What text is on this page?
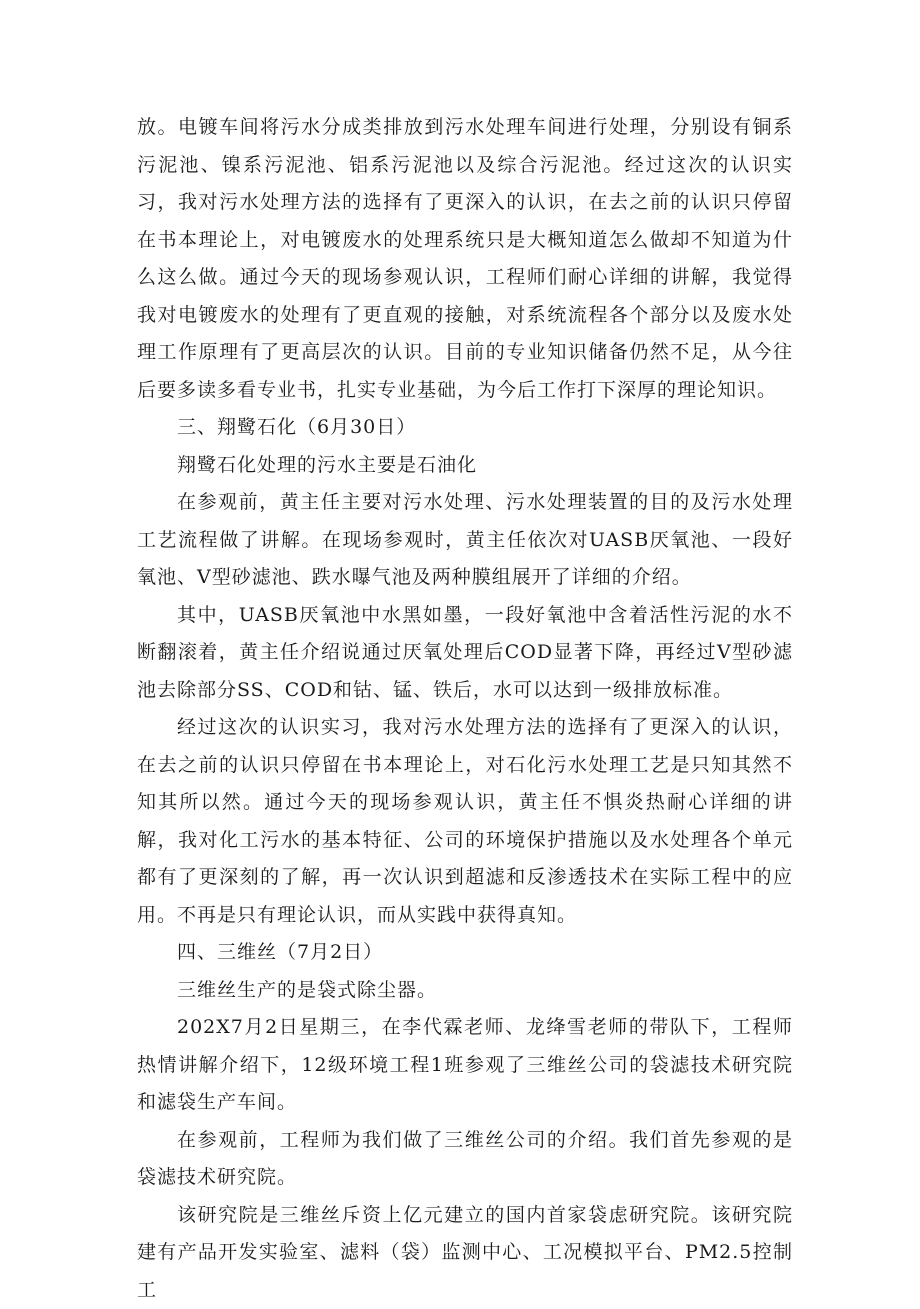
放。电镀车间将污水分成类排放到污水处理车间进行处理，分别设有铜系污泥池、镍系污泥池、铝系污泥池以及综合污泥池。经过这次的认识实习，我对污水处理方法的选择有了更深入的认识，在去之前的认识只停留在书本理论上，对电镀废水的处理系统只是大概知道怎么做却不知道为什么这么做。通过今天的现场参观认识，工程师们耐心详细的讲解，我觉得我对电镀废水的处理有了更直观的接触，对系统流程各个部分以及废水处理工作原理有了更高层次的认识。目前的专业知识储备仍然不足，从今往后要多读多看专业书，扎实专业基础，为今后工作打下深厚的理论知识。

三、翔鹭石化（6月30日）

翔鹭石化处理的污水主要是石油化

在参观前，黄主任主要对污水处理、污水处理装置的目的及污水处理工艺流程做了讲解。在现场参观时，黄主任依次对UASB厌氧池、一段好氧池、V型砂滤池、跌水曝气池及两种膜组展开了详细的介绍。

其中，UASB厌氧池中水黑如墨，一段好氧池中含着活性污泥的水不断翻滚着，黄主任介绍说通过厌氧处理后COD显著下降，再经过V型砂滤池去除部分SS、COD和钴、锰、铁后，水可以达到一级排放标准。

经过这次的认识实习，我对污水处理方法的选择有了更深入的认识，在去之前的认识只停留在书本理论上，对石化污水处理工艺是只知其然不知其所以然。通过今天的现场参观认识，黄主任不惧炎热耐心详细的讲解，我对化工污水的基本特征、公司的环境保护措施以及水处理各个单元都有了更深刻的了解，再一次认识到超滤和反渗透技术在实际工程中的应用。不再是只有理论认识，而从实践中获得真知。

四、三维丝（7月2日）

三维丝生产的是袋式除尘器。

202X7月2日星期三，在李代霖老师、龙绛雪老师的带队下，工程师热情讲解介绍下，12级环境工程1班参观了三维丝公司的袋滤技术研究院和滤袋生产车间。

在参观前，工程师为我们做了三维丝公司的介绍。我们首先参观的是袋滤技术研究院。

该研究院是三维丝斥资上亿元建立的国内首家袋虑研究院。该研究院建有产品开发实验室、滤料（袋）监测中心、工况模拟平台、PM2.5控制工
